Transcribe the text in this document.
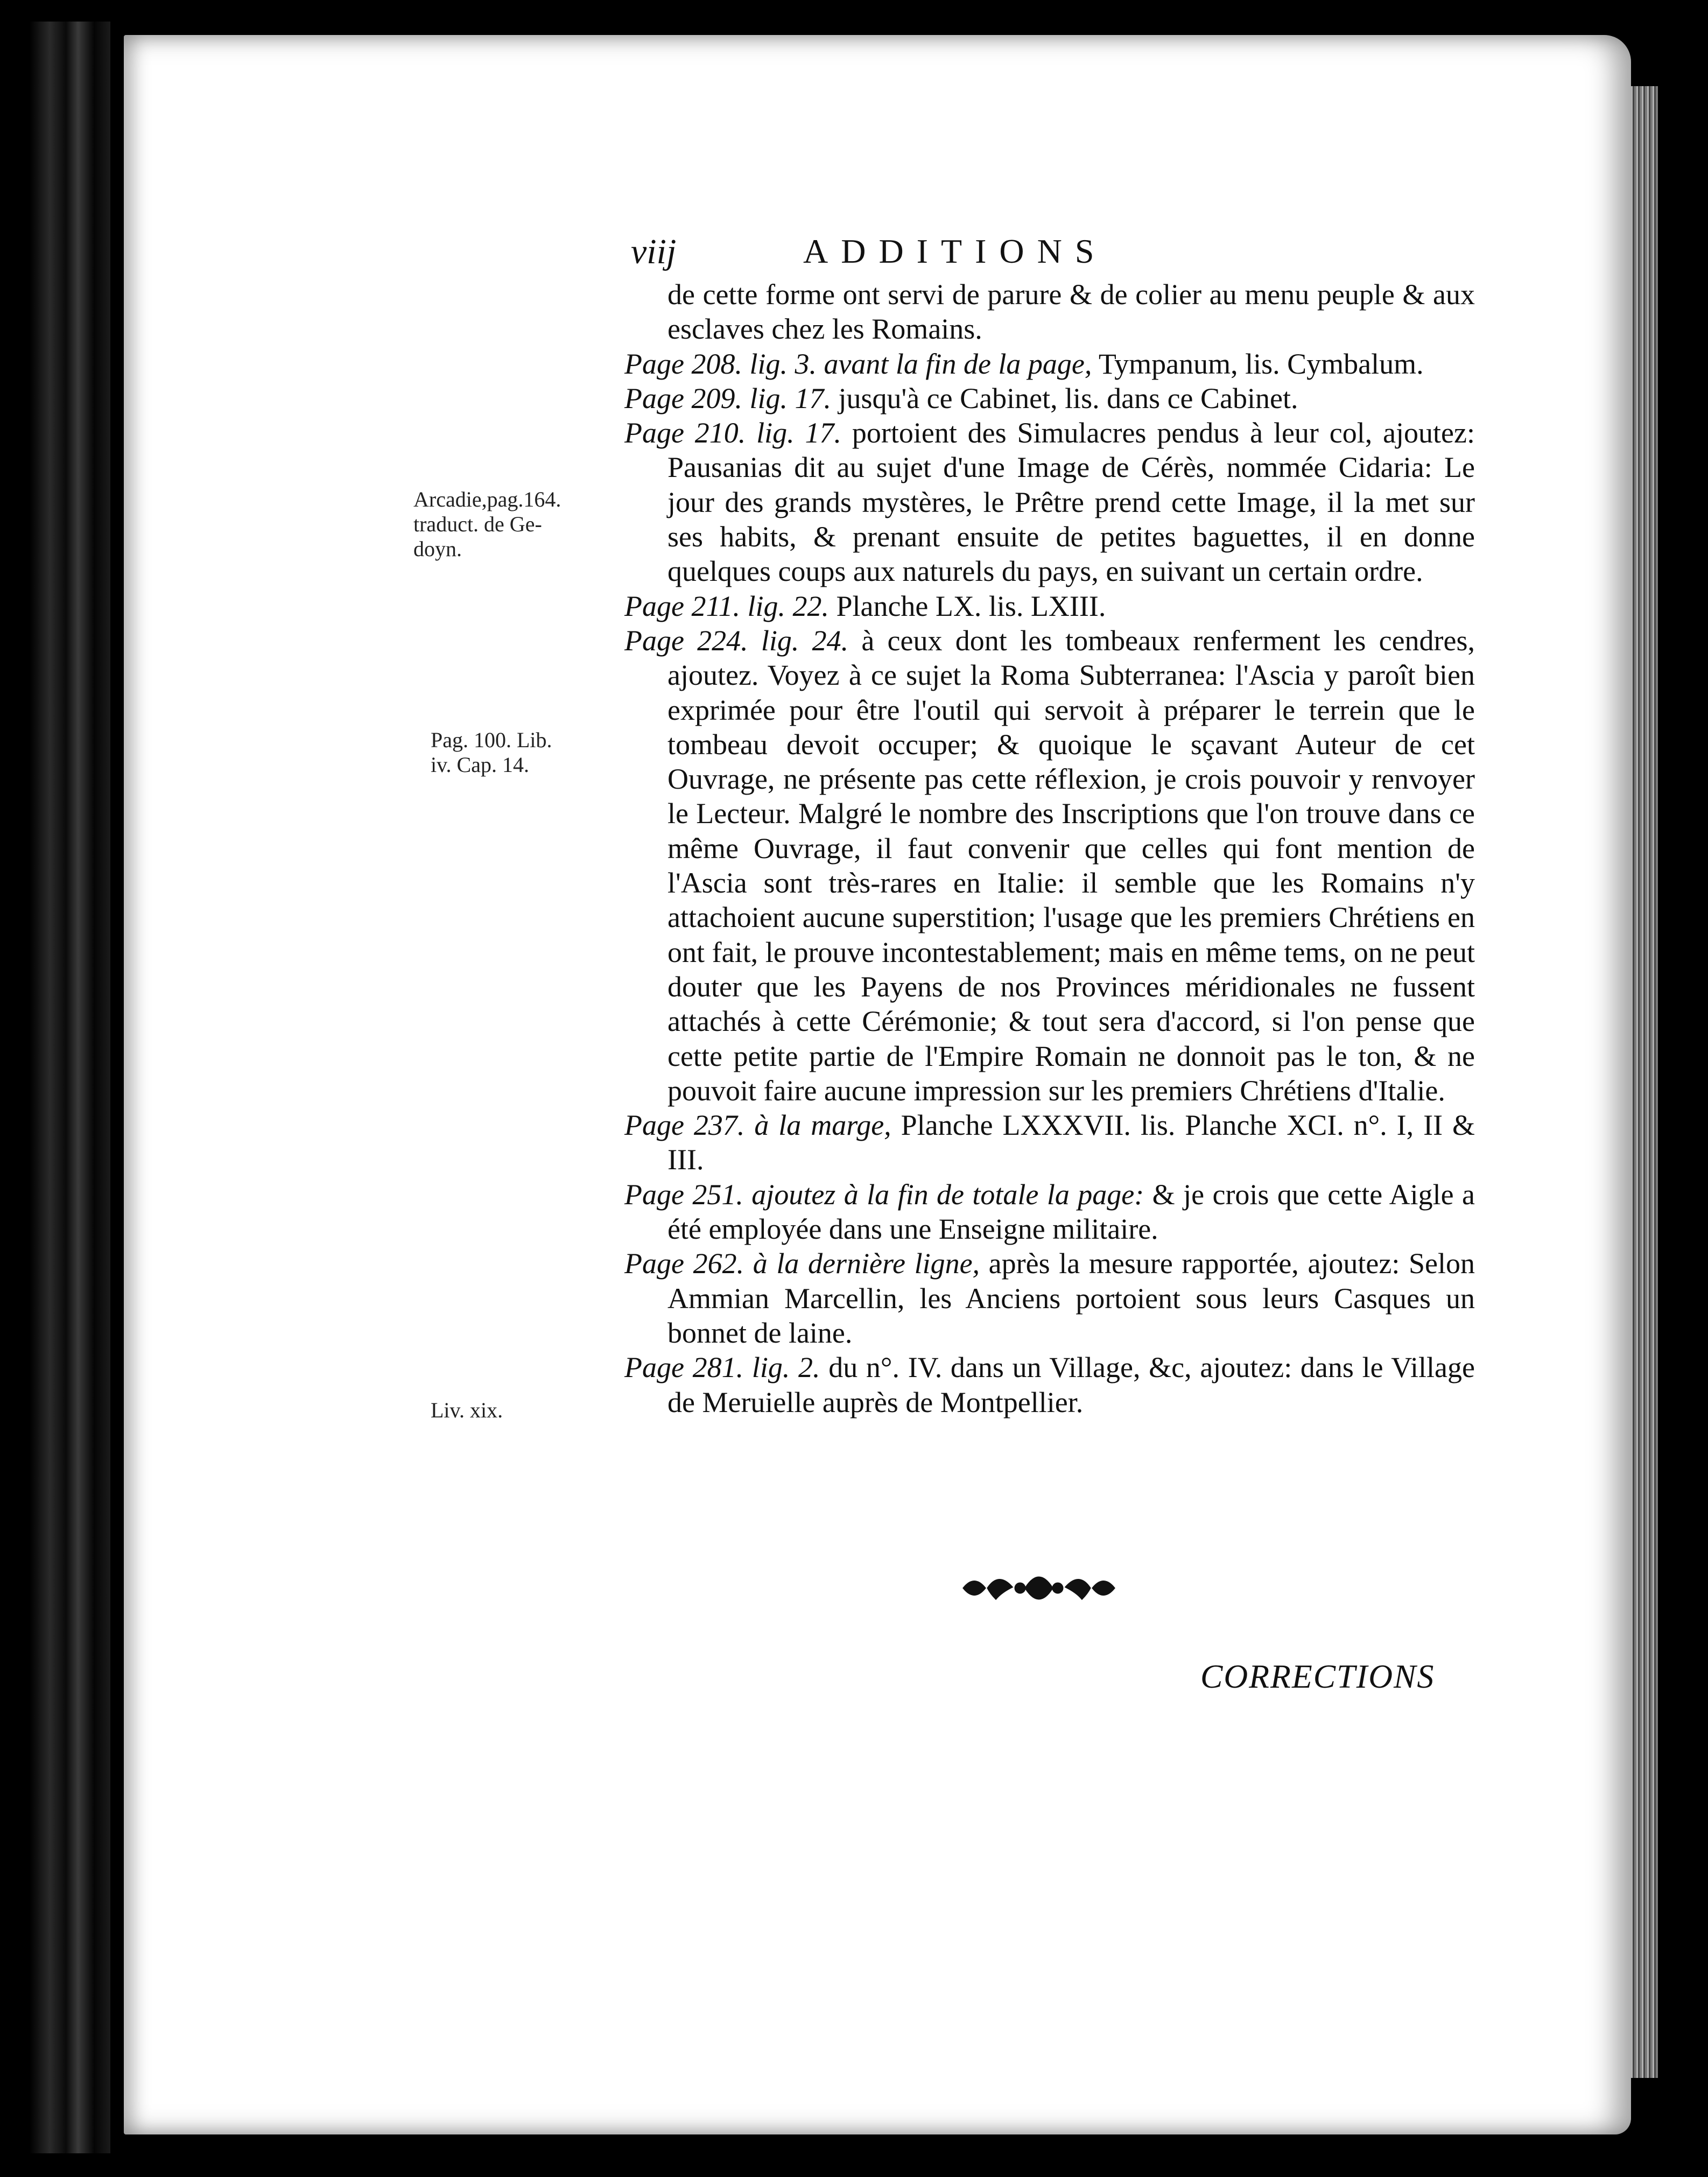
viij	ADDITIONS
Arcadie,pag.164.
traduct. de Ge-
doyn.
Pag. 100. Lib.
iv. Cap. 14.
Liv. xix.

de cette forme ont servi de parure & de colier au menu peuple & aux esclaves chez les Romains.

Page 208. lig. 3. avant la fin de la page, Tympanum, lis. Cymbalum.

Page 209. lig. 17. jusqu'à ce Cabinet, lis. dans ce Cabinet.

Page 210. lig. 17. portoient des Simulacres pendus à leur col, ajoutez: Pausanias dit au sujet d'une Image de Cérès, nommée Cidaria: Le jour des grands mystères, le Prêtre prend cette Image, il la met sur ses habits, & prenant ensuite de petites baguettes, il en donne quelques coups aux naturels du pays, en suivant un certain ordre.

Page 211. lig. 22. Planche LX. lis. LXIII.

Page 224. lig. 24. à ceux dont les tombeaux renferment les cendres, ajoutez. Voyez à ce sujet la Roma Subterranea: l'Ascia y paroît bien exprimée pour être l'outil qui servoit à préparer le terrein que le tombeau devoit occuper; & quoique le sçavant Auteur de cet Ouvrage, ne présente pas cette réflexion, je crois pouvoir y renvoyer le Lecteur. Malgré le nombre des Inscriptions que l'on trouve dans ce même Ouvrage, il faut convenir que celles qui font mention de l'Ascia sont très-rares en Italie: il semble que les Romains n'y attachoient aucune superstition; l'usage que les premiers Chrétiens en ont fait, le prouve incontestablement; mais en même tems, on ne peut douter que les Payens de nos Provinces méridionales ne fussent attachés à cette Cérémonie; & tout sera d'accord, si l'on pense que cette petite partie de l'Empire Romain ne donnoit pas le ton, & ne pouvoit faire aucune impression sur les premiers Chrétiens d'Italie.

Page 237. à la marge, Planche LXXXVII. lis. Planche XCI. n°. I, II & III.

Page 251. ajoutez à la fin de totale la page: & je crois que cette Aigle a été employée dans une Enseigne militaire.

Page 262. à la dernière ligne, après la mesure rapportée, ajoutez: Selon Ammian Marcellin, les Anciens portoient sous leurs Casques un bonnet de laine.

Page 281. lig. 2. du n°. IV. dans un Village, &c, ajoutez: dans le Village de Meruielle auprès de Montpellier.

CORRECTIONS
